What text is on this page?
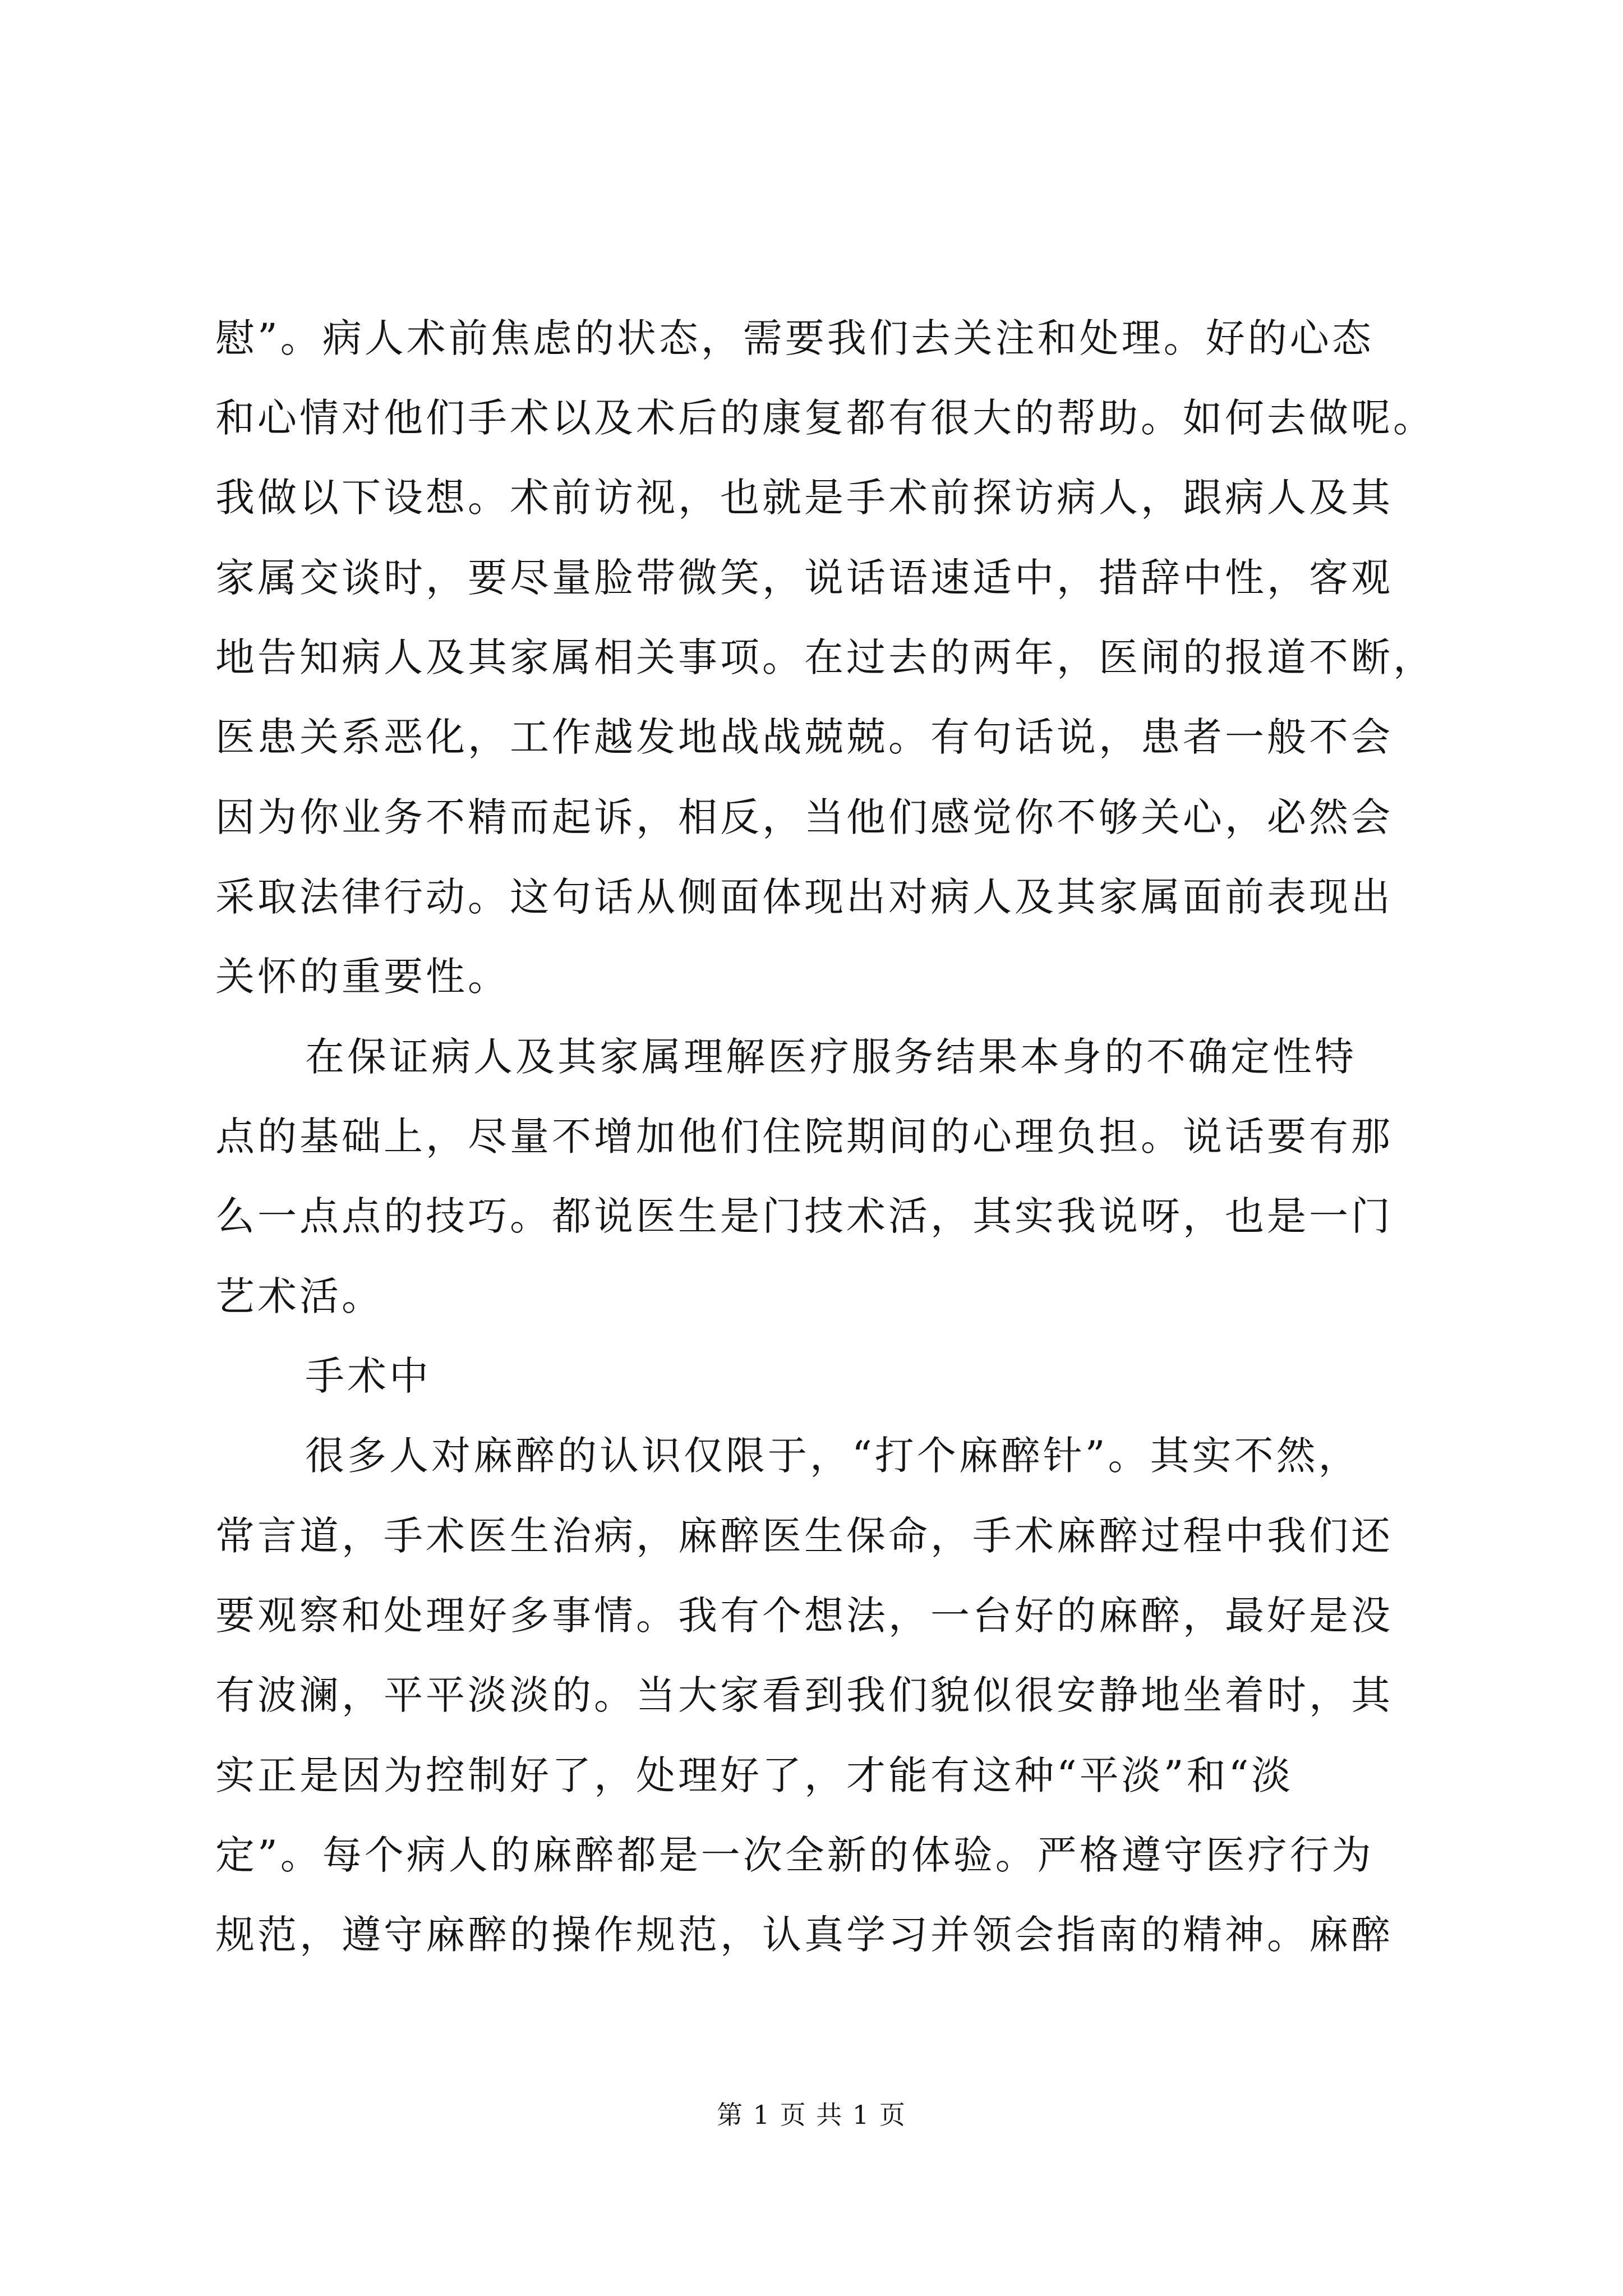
慰”。病人术前焦虑的状态，需要我们去关注和处理。好的心态
和心情对他们手术以及术后的康复都有很大的帮助。如何去做呢。
我做以下设想。术前访视，也就是手术前探访病人，跟病人及其
家属交谈时，要尽量脸带微笑，说话语速适中，措辞中性，客观
地告知病人及其家属相关事项。在过去的两年，医闹的报道不断，
医患关系恶化，工作越发地战战兢兢。有句话说，患者一般不会
因为你业务不精而起诉，相反，当他们感觉你不够关心，必然会
采取法律行动。这句话从侧面体现出对病人及其家属面前表现出
关怀的重要性。
在保证病人及其家属理解医疗服务结果本身的不确定性特
点的基础上，尽量不增加他们住院期间的心理负担。说话要有那
么一点点的技巧。都说医生是门技术活，其实我说呀，也是一门
艺术活。
手术中
很多人对麻醉的认识仅限于，“打个麻醉针”。其实不然，
常言道，手术医生治病，麻醉医生保命，手术麻醉过程中我们还
要观察和处理好多事情。我有个想法，一台好的麻醉，最好是没
有波澜，平平淡淡的。当大家看到我们貌似很安静地坐着时，其
实正是因为控制好了，处理好了，才能有这种“平淡”和“淡
定”。每个病人的麻醉都是一次全新的体验。严格遵守医疗行为
规范，遵守麻醉的操作规范，认真学习并领会指南的精神。麻醉
第 1 页 共 1 页
